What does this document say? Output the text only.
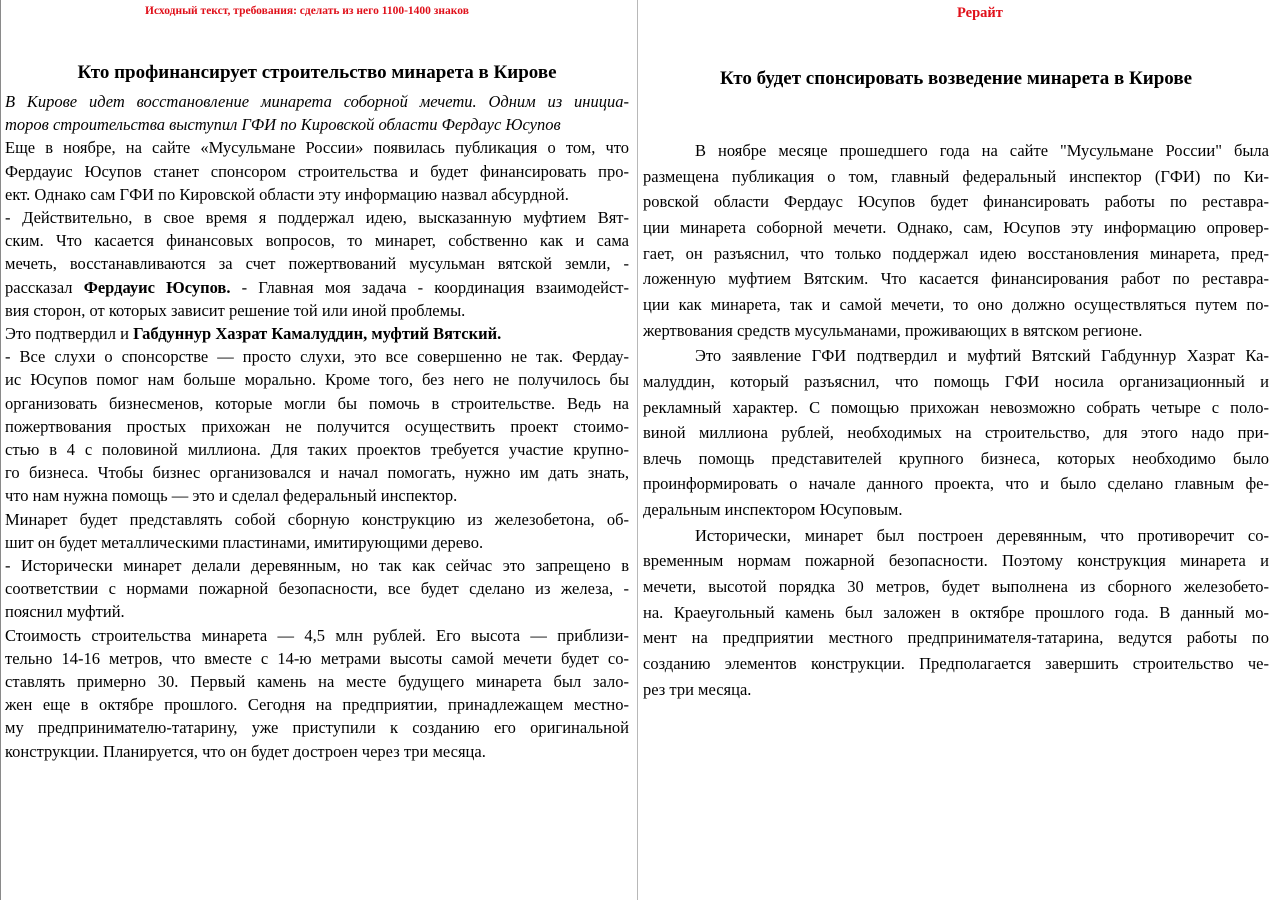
Исходный текст, требования: сделать из него 1100-1400 знаков	Рерайт
Кто профинансирует строительство минарета в Кирове
В Кирове идет восстановление минарета соборной мечети. Одним из инициа-
торов строительства выступил ГФИ по Кировской области Фердаус Юсупов
Еще в ноябре, на сайте «Мусульмане России» появилась публикация о том, что
Фердауис Юсупов станет спонсором строительства и будет финансировать про-
ект. Однако сам ГФИ по Кировской области эту информацию назвал абсурдной.
- Действительно, в свое время я поддержал идею, высказанную муфтием Вят-
ским. Что касается финансовых вопросов, то минарет, собственно как и сама
мечеть, восстанавливаются за счет пожертвований мусульман вятской земли, -
рассказал Фердауис Юсупов. - Главная моя задача - координация взаимодейст-
вия сторон, от которых зависит решение той или иной проблемы.
Это подтвердил и Габдуннур Хазрат Камалуддин, муфтий Вятский.
- Все слухи о спонсорстве — просто слухи, это все совершенно не так. Фердау-
ис Юсупов помог нам больше морально. Кроме того, без него не получилось бы
организовать бизнесменов, которые могли бы помочь в строительстве. Ведь на
пожертвования простых прихожан не получится осуществить проект стоимо-
стью в 4 с половиной миллиона. Для таких проектов требуется участие крупно-
го бизнеса. Чтобы бизнес организовался и начал помогать, нужно им дать знать,
что нам нужна помощь — это и сделал федеральный инспектор.
Минарет будет представлять собой сборную конструкцию из железобетона, об-
шит он будет металлическими пластинами, имитирующими дерево.
- Исторически минарет делали деревянным, но так как сейчас это запрещено в
соответствии с нормами пожарной безопасности, все будет сделано из железа, -
пояснил муфтий.
Стоимость строительства минарета — 4,5 млн рублей. Его высота — приблизи-
тельно 14-16 метров, что вместе с 14-ю метрами высоты самой мечети будет со-
ставлять примерно 30. Первый камень на месте будущего минарета был зало-
жен еще в октябре прошлого. Сегодня на предприятии, принадлежащем местно-
му предпринимателю-татарину, уже приступили к созданию его оригинальной
конструкции. Планируется, что он будет достроен через три месяца.
Кто будет спонсировать возведение минарета в Кирове
В ноябре месяце прошедшего года на сайте "Мусульмане России" была
размещена публикация о том, главный федеральный инспектор (ГФИ) по Ки-
ровской области Фердаус Юсупов будет финансировать работы по реставра-
ции минарета соборной мечети. Однако, сам, Юсупов эту информацию опровер-
гает, он разъяснил, что только поддержал идею восстановления минарета, пред-
ложенную муфтием Вятским. Что касается финансирования работ по реставра-
ции как минарета, так и самой мечети, то оно должно осуществляться путем по-
жертвования средств мусульманами, проживающих в вятском регионе.
Это заявление ГФИ подтвердил и муфтий Вятский Габдуннур Хазрат Ка-
малуддин, который разъяснил, что помощь ГФИ носила организационный и
рекламный характер. С помощью прихожан невозможно собрать четыре с поло-
виной миллиона рублей, необходимых на строительство, для этого надо при-
влечь помощь представителей крупного бизнеса, которых необходимо было
проинформировать о начале данного проекта, что и было сделано главным фе-
деральным инспектором Юсуповым.
Исторически, минарет был построен деревянным, что противоречит со-
временным нормам пожарной безопасности. Поэтому конструкция минарета и
мечети, высотой порядка 30 метров, будет выполнена из сборного железобето-
на. Краеугольный камень был заложен в октябре прошлого года. В данный мо-
мент на предприятии местного предпринимателя-татарина, ведутся работы по
созданию элементов конструкции. Предполагается завершить строительство че-
рез три месяца.
